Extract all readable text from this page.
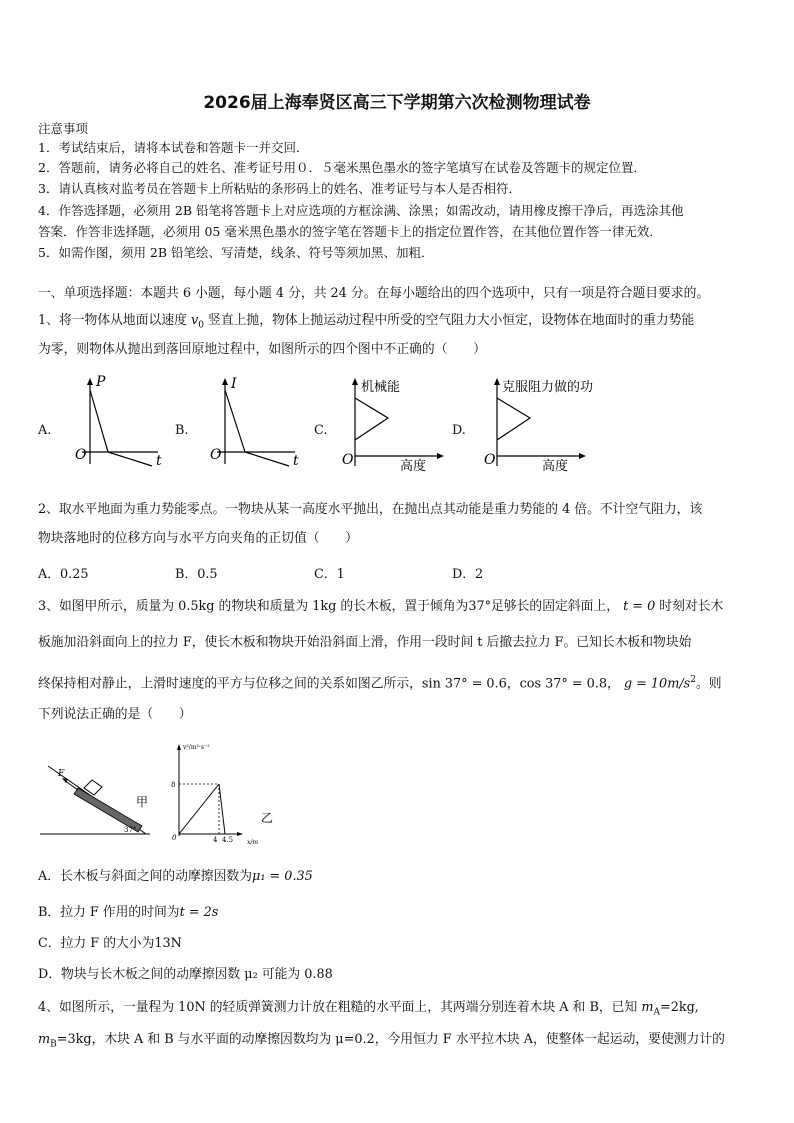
2026届上海奉贤区高三下学期第六次检测物理试卷
注意事项
1．考试结束后，请将本试卷和答题卡一并交回．
2．答题前，请务必将自己的姓名、准考证号用０．５毫米黑色墨水的签字笔填写在试卷及答题卡的规定位置．
3．请认真核对监考员在答题卡上所粘贴的条形码上的姓名、准考证号与本人是否相符．
4．作答选择题，必须用 2B 铅笔将答题卡上对应选项的方框涂满、涂黑；如需改动，请用橡皮擦干净后，再选涂其他
答案．作答非选择题，必须用 05 毫米黑色墨水的签字笔在答题卡上的指定位置作答，在其他位置作答一律无效．
5．如需作图，须用 2B 铅笔绘、写清楚，线条、符号等须加黑、加粗．
一、单项选择题：本题共 6 小题，每小题 4 分，共 24 分。在每小题给出的四个选项中，只有一项是符合题目要求的。
1、将一物体从地面以速度 $v_0$ 竖直上抛，物体上抛运动过程中所受的空气阻力大小恒定，设物体在地面时的重力势能
为零，则物体从抛出到落回原地过程中，如图所示的四个图中不正确的（　　）
A.	B.	C.	D.
P
t
O
I
t
O
机械能
高度
O
克服阻力做的功
高度
O
2、取水平地面为重力势能零点。一物块从某一高度水平抛出，在抛出点其动能是重力势能的 4 倍。不计空气阻力，该
物块落地时的位移方向与水平方向夹角的正切值（　　）
A．0.25	B．0.5	C．1	D．2
3、如图甲所示，质量为 0.5kg 的物块和质量为 1kg 的长木板，置于倾角为37°足够长的固定斜面上， t = 0 时刻对长木
板施加沿斜面向上的拉力 F，使长木板和物块开始沿斜面上滑，作用一段时间 t 后撤去拉力 F。已知长木板和物块始
终保持相对静止，上滑时速度的平方与位移之间的关系如图乙所示，sin 37° = 0.6，cos 37° = 0.8， $g = 10m/s^2$。则
下列说法正确的是（　　）
F
37°
甲
v²/m²·s⁻²
8
4 4.5 x/m
0
乙
A．长木板与斜面之间的动摩擦因数为μ₁ = 0.35
B．拉力 F 作用的时间为t = 2s
C．拉力 F 的大小为13N
D．物块与长木板之间的动摩擦因数 μ₂ 可能为 0.88
4、如图所示，一量程为 10N 的轻质弹簧测力计放在粗糙的水平面上，其两端分别连着木块 A 和 B，已知 $m_A=2kg$,
$m_B=3kg$，木块 A 和 B 与水平面的动摩擦因数均为 μ=0.2，今用恒力 F 水平拉木块 A，使整体一起运动，要使测力计的
